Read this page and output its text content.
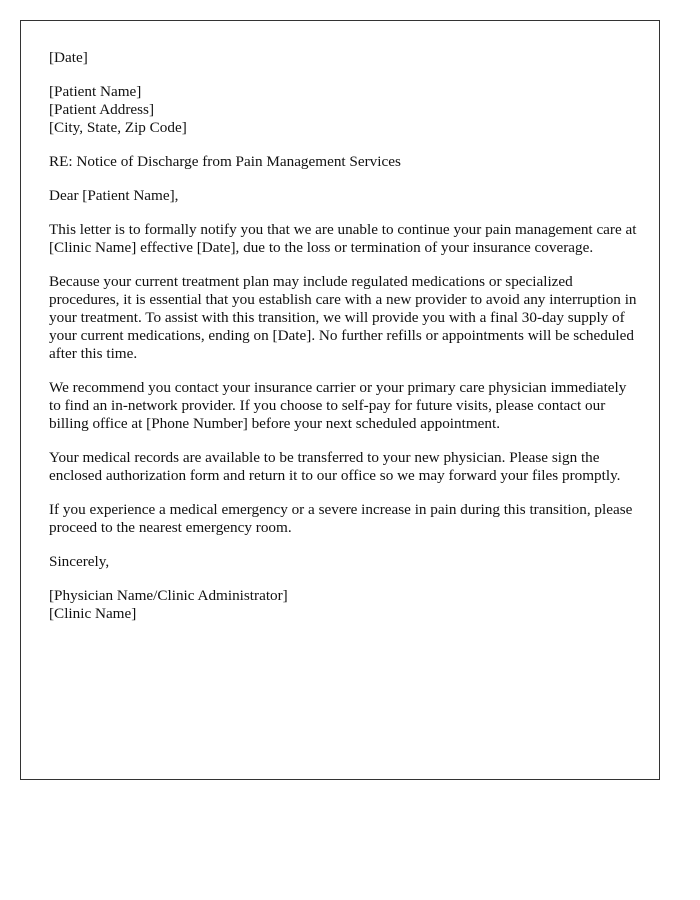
[Date]

[Patient Name]
[Patient Address]
[City, State, Zip Code]

RE: Notice of Discharge from Pain Management Services

Dear [Patient Name],

This letter is to formally notify you that we are unable to continue your pain management care at [Clinic Name] effective [Date], due to the loss or termination of your insurance coverage.

Because your current treatment plan may include regulated medications or specialized procedures, it is essential that you establish care with a new provider to avoid any interruption in your treatment. To assist with this transition, we will provide you with a final 30-day supply of your current medications, ending on [Date]. No further refills or appointments will be scheduled after this time.

We recommend you contact your insurance carrier or your primary care physician immediately to find an in-network provider. If you choose to self-pay for future visits, please contact our billing office at [Phone Number] before your next scheduled appointment.

Your medical records are available to be transferred to your new physician. Please sign the enclosed authorization form and return it to our office so we may forward your files promptly.

If you experience a medical emergency or a severe increase in pain during this transition, please proceed to the nearest emergency room.

Sincerely,

[Physician Name/Clinic Administrator]
[Clinic Name]
